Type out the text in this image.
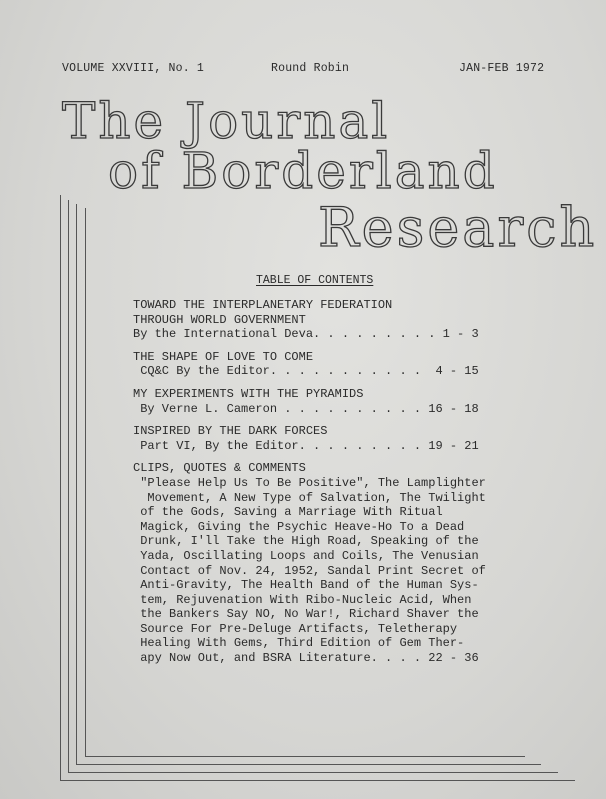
VOLUME XXVIII, No. 1	Round Robin	JAN-FEB 1972
The Journal
of Borderland
Research
TABLE OF CONTENTS
TOWARD THE INTERPLANETARY FEDERATION
THROUGH WORLD GOVERNMENT
By the International Deva. . . . . . . . . 1 - 3
THE SHAPE OF LOVE TO COME
CQ&C By the Editor. . . . . . . . . . .  4 - 15
MY EXPERIMENTS WITH THE PYRAMIDS
By Verne L. Cameron . . . . . . . . . . 16 - 18
INSPIRED BY THE DARK FORCES
Part VI, By the Editor. . . . . . . . . 19 - 21
CLIPS, QUOTES & COMMENTS
"Please Help Us To Be Positive", The Lamplighter
Movement, A New Type of Salvation, The Twilight
of the Gods, Saving a Marriage With Ritual
Magick, Giving the Psychic Heave-Ho To a Dead
Drunk, I'll Take the High Road, Speaking of the
Yada, Oscillating Loops and Coils, The Venusian
Contact of Nov. 24, 1952, Sandal Print Secret of
Anti-Gravity, The Health Band of the Human Sys-
tem, Rejuvenation With Ribo-Nucleic Acid, When
the Bankers Say NO, No War!, Richard Shaver the
Source For Pre-Deluge Artifacts, Teletherapy
Healing With Gems, Third Edition of Gem Ther-
apy Now Out, and BSRA Literature. . . . 22 - 36
